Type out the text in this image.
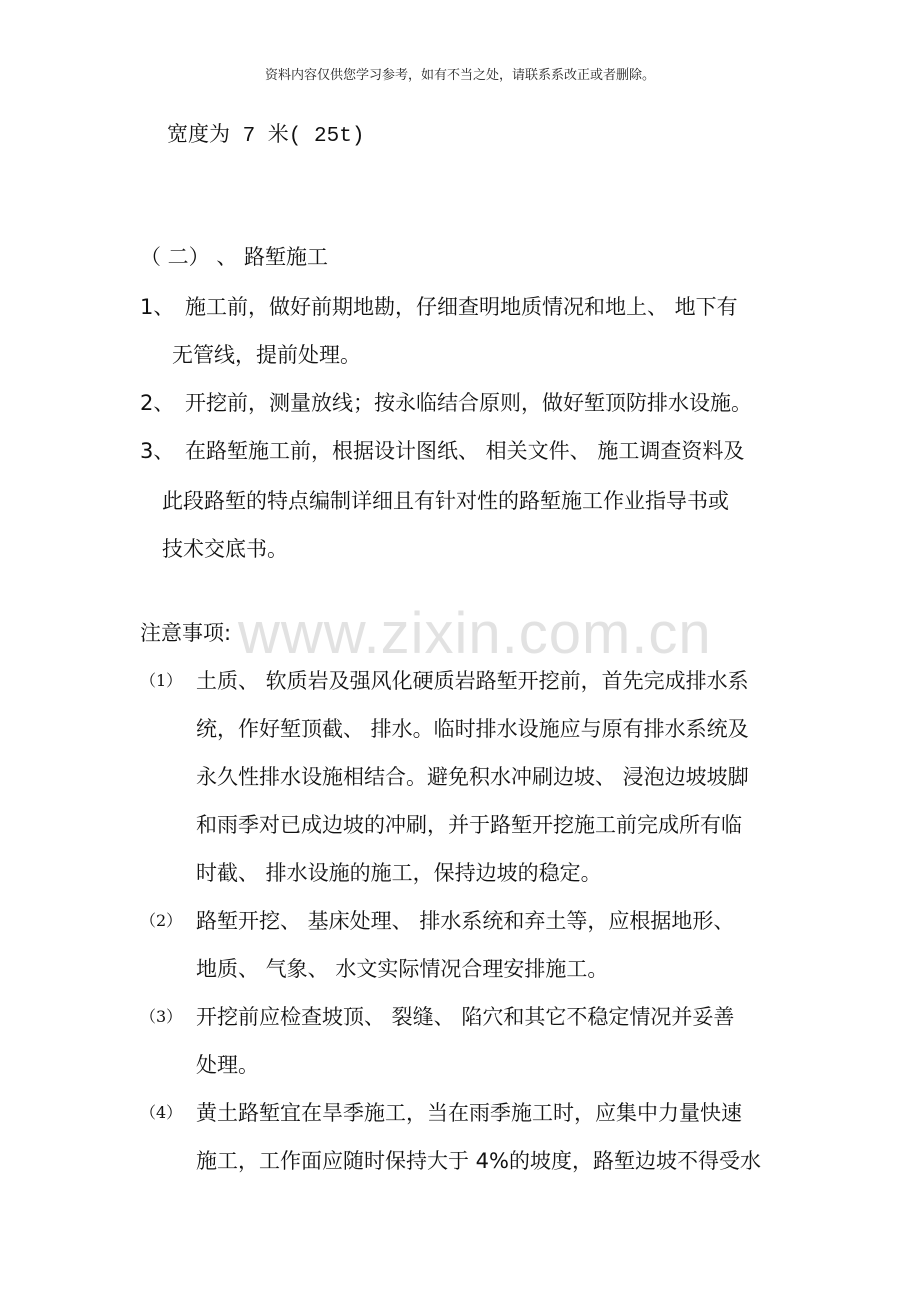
资料内容仅供您学习参考，如有不当之处，请联系系改正或者删除。
www.zixin.com.cn
宽度为 7 米( 25t)
（ 二） 、 路堑施工
1、 施工前，做好前期地勘，仔细查明地质情况和地上、 地下有
无管线，提前处理。
2、 开挖前，测量放线；按永临结合原则，做好堑顶防排水设施。
3、 在路堑施工前，根据设计图纸、 相关文件、 施工调查资料及
此段路堑的特点编制详细且有针对性的路堑施工作业指导书或
技术交底书。
注意事项:
（1） 土质、 软质岩及强风化硬质岩路堑开挖前，首先完成排水系
统，作好堑顶截、 排水。临时排水设施应与原有排水系统及
永久性排水设施相结合。避免积水冲刷边坡、 浸泡边坡坡脚
和雨季对已成边坡的冲刷，并于路堑开挖施工前完成所有临
时截、 排水设施的施工，保持边坡的稳定。
（2） 路堑开挖、 基床处理、 排水系统和弃土等，应根据地形、
地质、 气象、 水文实际情况合理安排施工。
（3） 开挖前应检查坡顶、 裂缝、 陷穴和其它不稳定情况并妥善
处理。
（4） 黄土路堑宜在旱季施工，当在雨季施工时，应集中力量快速
施工，工作面应随时保持大于 4%的坡度，路堑边坡不得受水
